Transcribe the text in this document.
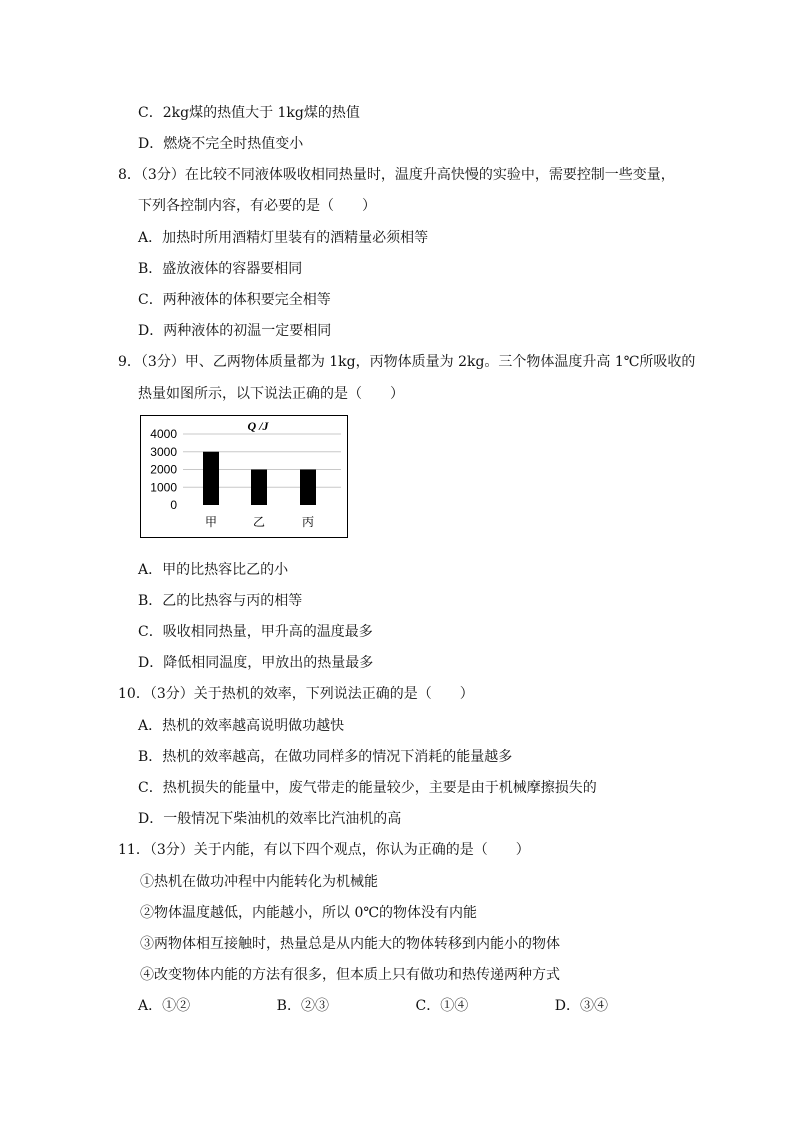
C．2kg煤的热值大于 1kg煤的热值
D．燃烧不完全时热值变小
8．（3分）在比较不同液体吸收相同热量时，温度升高快慢的实验中，需要控制一些变量，
下列各控制内容，有必要的是（　　）
A．加热时所用酒精灯里装有的酒精量必须相等
B．盛放液体的容器要相同
C．两种液体的体积要完全相等
D．两种液体的初温一定要相同
9．（3分）甲、乙两物体质量都为 1kg，丙物体质量为 2kg。三个物体温度升高 1℃所吸收的
热量如图所示，以下说法正确的是（　　）
0
1000
2000
3000
4000
Q /J
甲	乙	丙
A．甲的比热容比乙的小
B．乙的比热容与丙的相等
C．吸收相同热量，甲升高的温度最多
D．降低相同温度，甲放出的热量最多
10．（3分）关于热机的效率，下列说法正确的是（　　）
A．热机的效率越高说明做功越快
B．热机的效率越高，在做功同样多的情况下消耗的能量越多
C．热机损失的能量中，废气带走的能量较少，主要是由于机械摩擦损失的
D．一般情况下柴油机的效率比汽油机的高
11．（3分）关于内能，有以下四个观点，你认为正确的是（　　）
①热机在做功冲程中内能转化为机械能
②物体温度越低，内能越小，所以 0℃的物体没有内能
③两物体相互接触时，热量总是从内能大的物体转移到内能小的物体
④改变物体内能的方法有很多，但本质上只有做功和热传递两种方式
A．①②	B．②③	C．①④	D．③④
